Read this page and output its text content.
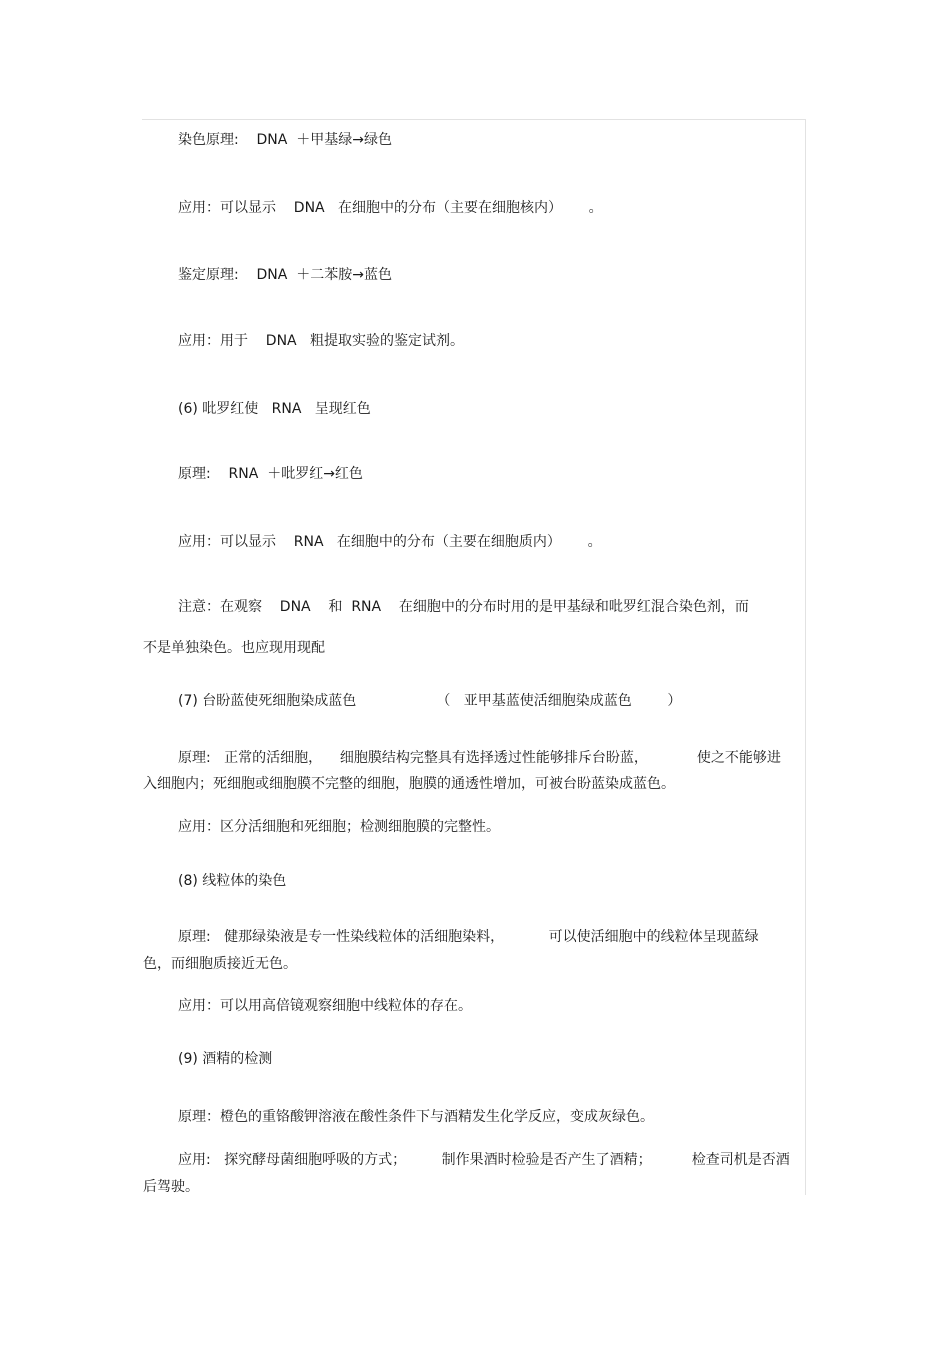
染色原理:    DNA  ＋甲基绿→绿色
应用：可以显示    DNA   在细胞中的分布（主要在细胞核内）      。
鉴定原理:    DNA  ＋二苯胺→蓝色
应用：用于    DNA   粗提取实验的鉴定试剂。
(6) 吡罗红使   RNA   呈现红色
原理:    RNA  ＋吡罗红→红色
应用：可以显示    RNA   在细胞中的分布（主要在细胞质内）      。
注意：在观察    DNA    和  RNA    在细胞中的分布时用的是甲基绿和吡罗红混合染色剂，而
不是单独染色。也应现用现配
(7) 台盼蓝使死细胞染成蓝色                  （   亚甲基蓝使活细胞染成蓝色        ）
原理:   正常的活细胞，    细胞膜结构完整具有选择透过性能够排斥台盼蓝，           使之不能够进
入细胞内；死细胞或细胞膜不完整的细胞，胞膜的通透性增加，可被台盼蓝染成蓝色。
应用：区分活细胞和死细胞；检测细胞膜的完整性。
(8) 线粒体的染色
原理:   健那绿染液是专一性染线粒体的活细胞染料，          可以使活细胞中的线粒体呈现蓝绿
色，而细胞质接近无色。
应用：可以用高倍镜观察细胞中线粒体的存在。
(9) 酒精的检测
原理：橙色的重铬酸钾溶液在酸性条件下与酒精发生化学反应，变成灰绿色。
应用:   探究酵母菌细胞呼吸的方式；        制作果酒时检验是否产生了酒精；         检查司机是否酒
后驾驶。
